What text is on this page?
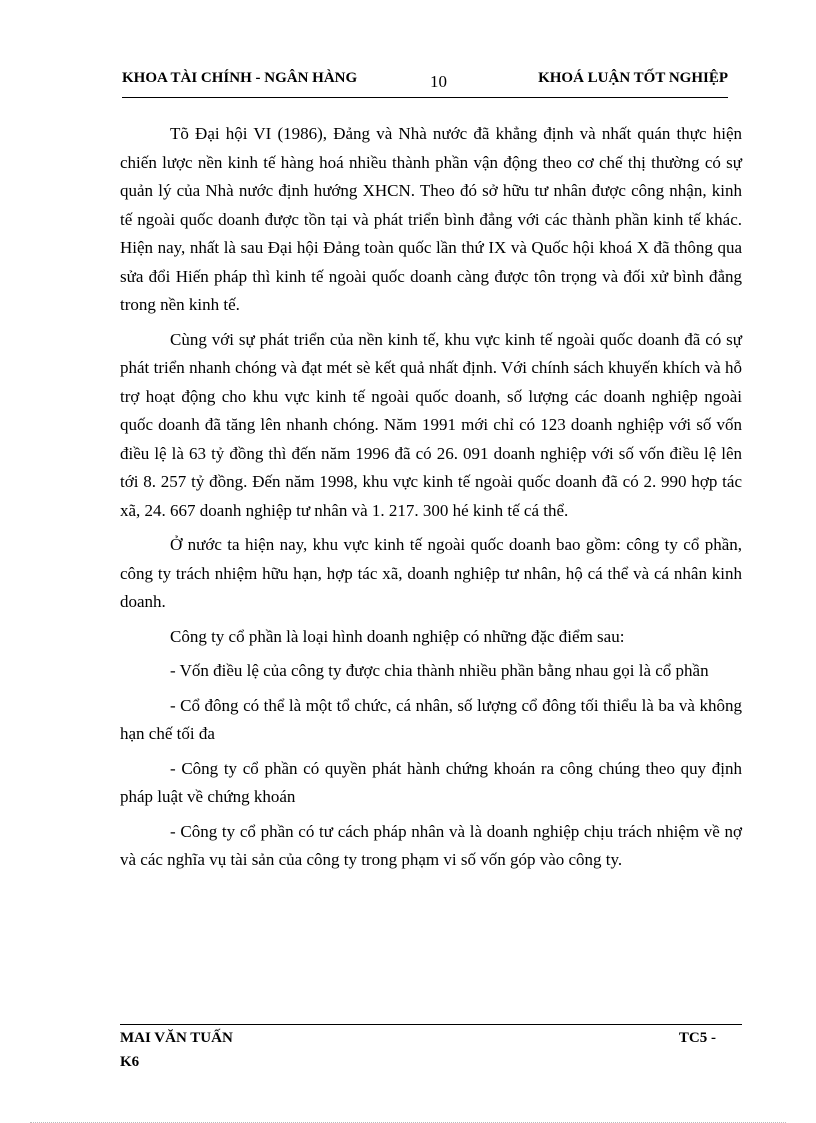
KHOA TÀI CHÍNH - NGÂN HÀNG	10	KHOÁ LUẬN TỐT NGHIỆP

Tõ Đại hội VI (1986), Đảng và Nhà nước đã khẳng định và nhất quán thực hiện chiến lược nền kinh tế hàng hoá nhiều thành phần vận động theo cơ chế thị thường có sự quản lý của Nhà nước định hướng XHCN. Theo đó sở hữu tư nhân được công nhận, kinh tế ngoài quốc doanh được tồn tại và phát triển bình đẳng với các thành phần kinh tế khác. Hiện nay, nhất là sau Đại hội Đảng toàn quốc lần thứ IX và Quốc hội khoá X đã thông qua sửa đổi Hiến pháp thì kinh tế ngoài quốc doanh càng được tôn trọng và đối xử bình đẳng trong nền kinh tế.

Cùng với sự phát triển của nền kinh tế, khu vực kinh tế ngoài quốc doanh đã có sự phát triển nhanh chóng và đạt mét sè kết quả nhất định. Với chính sách khuyến khích và hỗ trợ hoạt động cho khu vực kinh tế ngoài quốc doanh, số lượng các doanh nghiệp ngoài quốc doanh đã tăng lên nhanh chóng. Năm 1991 mới chỉ có 123 doanh nghiệp với số vốn điều lệ là 63 tỷ đồng thì đến năm 1996 đã có 26. 091 doanh nghiệp với số vốn điều lệ lên tới 8. 257 tỷ đồng. Đến năm 1998, khu vực kinh tế ngoài quốc doanh đã có 2. 990 hợp tác xã, 24. 667 doanh nghiệp tư nhân và 1. 217. 300 hé kinh tế cá thể.

Ở nước ta hiện nay, khu vực kinh tế ngoài quốc doanh bao gồm: công ty cổ phần, công ty trách nhiệm hữu hạn, hợp tác xã, doanh nghiệp tư nhân, hộ cá thể và cá nhân kinh doanh.

Công ty cổ phần là loại hình doanh nghiệp có những đặc điểm sau:

- Vốn điều lệ của công ty được chia thành nhiều phần bằng nhau gọi là cổ phần

- Cổ đông có thể là một tổ chức, cá nhân, số lượng cổ đông tối thiểu là ba và không hạn chế tối đa

- Công ty cổ phần có quyền phát hành chứng khoán ra công chúng theo quy định pháp luật về chứng khoán

- Công ty cổ phần có tư cách pháp nhân và là doanh nghiệp chịu trách nhiệm về nợ và các nghĩa vụ tài sản của công ty trong phạm vi số vốn góp vào công ty.

MAI VĂN TUẤN	TC5 -
K6
